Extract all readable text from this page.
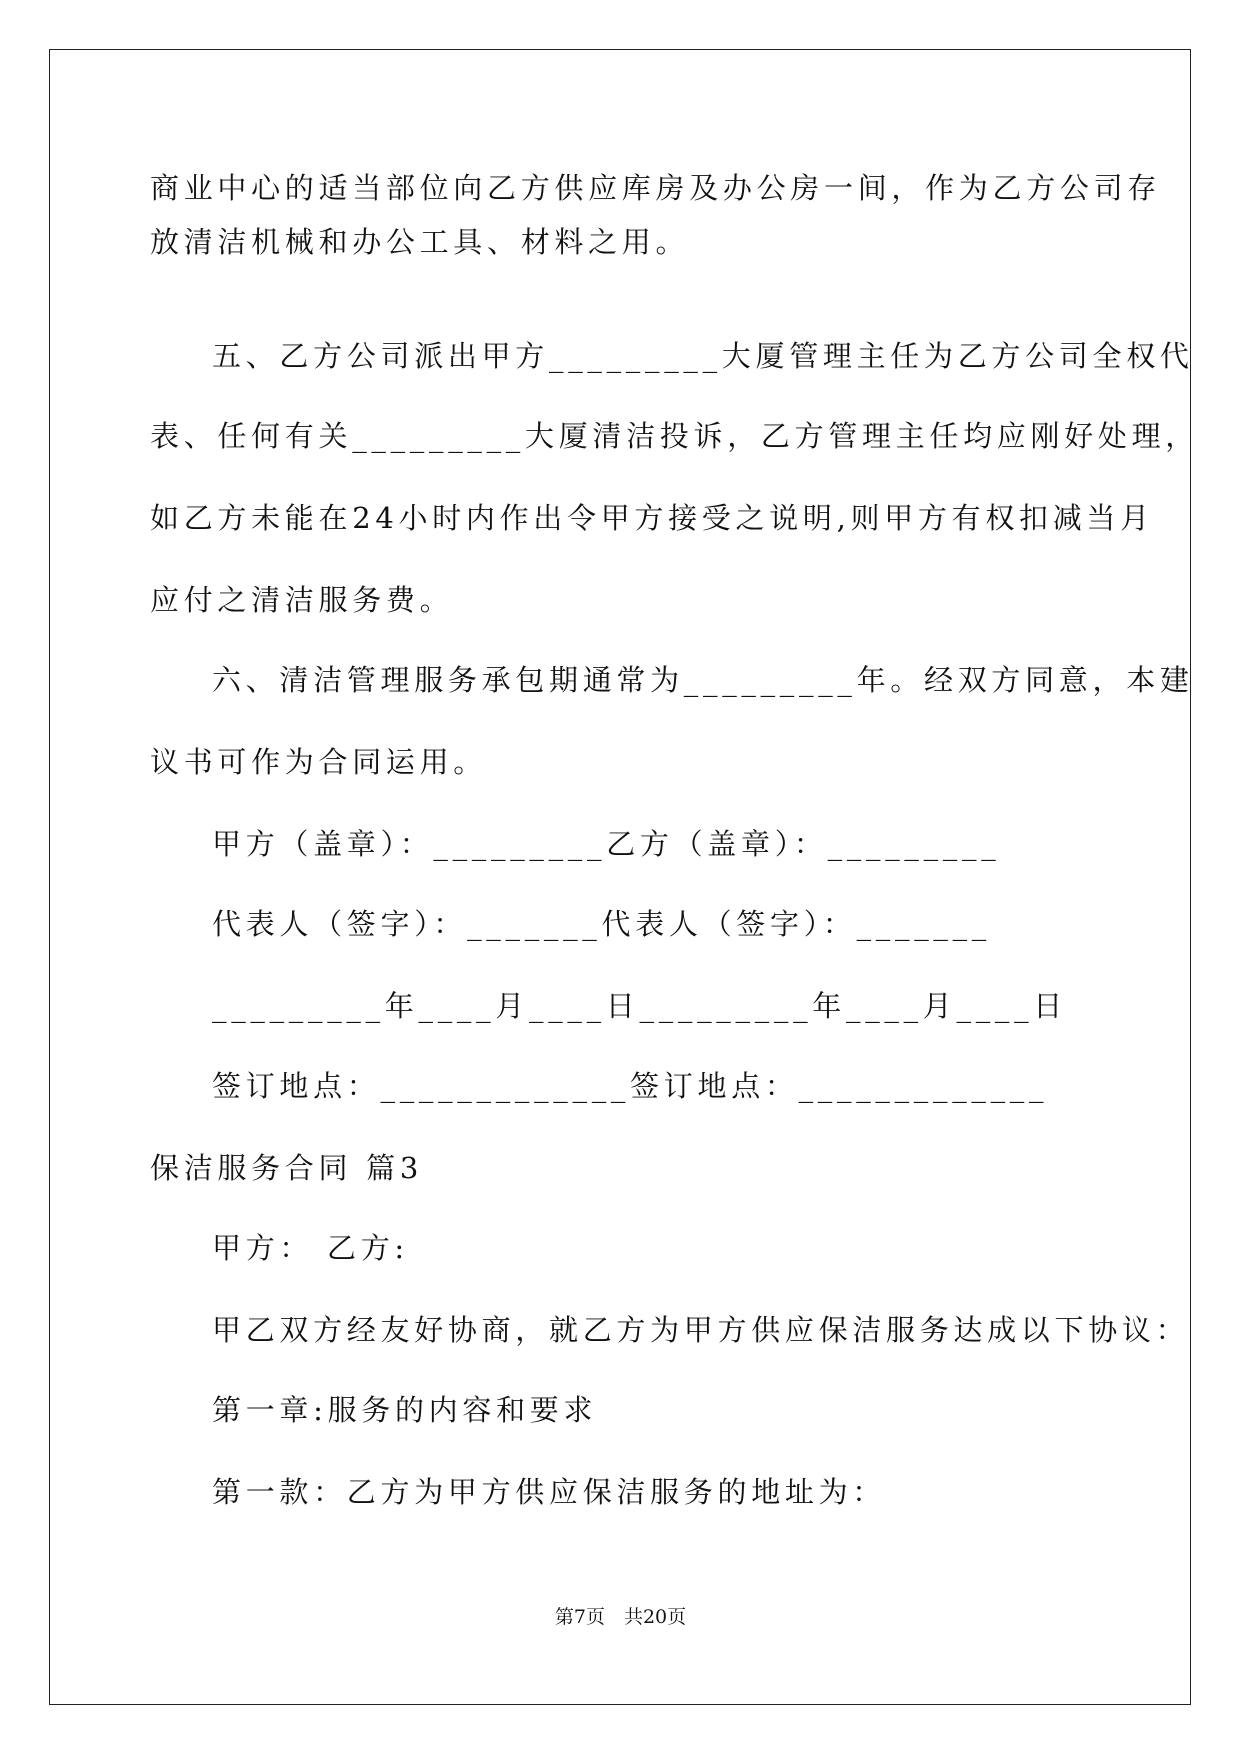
商业中心的适当部位向乙方供应库房及办公房一间，作为乙方公司存

放清洁机械和办公工具、材料之用。

五、乙方公司派出甲方_________大厦管理主任为乙方公司全权代

表、任何有关_________大厦清洁投诉，乙方管理主任均应刚好处理，

如乙方未能在24小时内作出令甲方接受之说明,则甲方有权扣减当月

应付之清洁服务费。

六、清洁管理服务承包期通常为_________年。经双方同意，本建

议书可作为合同运用。

甲方（盖章）：_________乙方（盖章）：_________

代表人（签字）：_______代表人（签字）：_______

_________年____月____日_________年____月____日

签订地点：_____________签订地点：_____________

保洁服务合同 篇3

甲方： 乙方:

甲乙双方经友好协商，就乙方为甲方供应保洁服务达成以下协议：

第一章:服务的内容和要求

第一款：乙方为甲方供应保洁服务的地址为：

第7页　共20页
